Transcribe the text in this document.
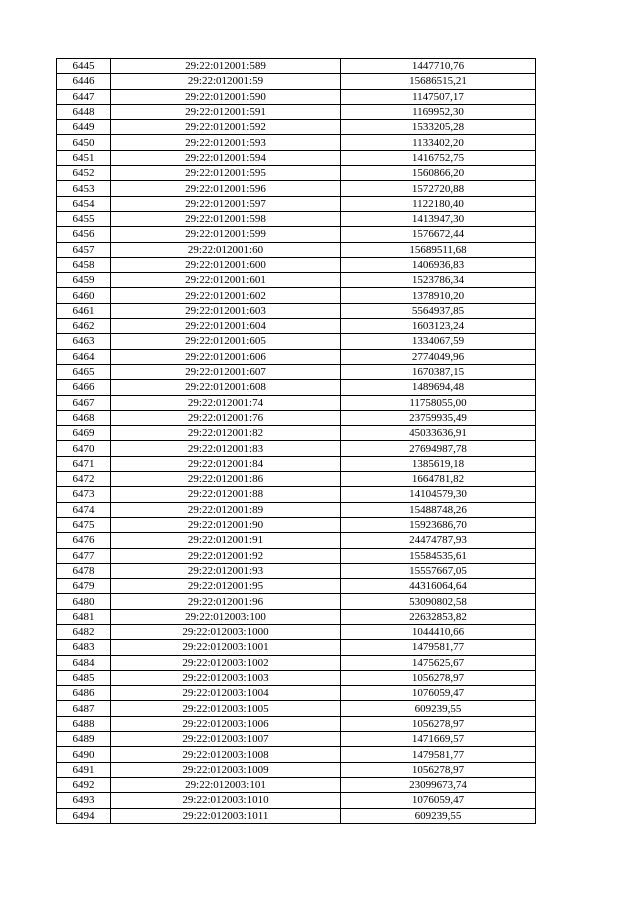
6445	29:22:012001:589	1447710,76
6446	29:22:012001:59	15686515,21
6447	29:22:012001:590	1147507,17
6448	29:22:012001:591	1169952,30
6449	29:22:012001:592	1533205,28
6450	29:22:012001:593	1133402,20
6451	29:22:012001:594	1416752,75
6452	29:22:012001:595	1560866,20
6453	29:22:012001:596	1572720,88
6454	29:22:012001:597	1122180,40
6455	29:22:012001:598	1413947,30
6456	29:22:012001:599	1576672,44
6457	29:22:012001:60	15689511,68
6458	29:22:012001:600	1406936,83
6459	29:22:012001:601	1523786,34
6460	29:22:012001:602	1378910,20
6461	29:22:012001:603	5564937,85
6462	29:22:012001:604	1603123,24
6463	29:22:012001:605	1334067,59
6464	29:22:012001:606	2774049,96
6465	29:22:012001:607	1670387,15
6466	29:22:012001:608	1489694,48
6467	29:22:012001:74	11758055,00
6468	29:22:012001:76	23759935,49
6469	29:22:012001:82	45033636,91
6470	29:22:012001:83	27694987,78
6471	29:22:012001:84	1385619,18
6472	29:22:012001:86	1664781,82
6473	29:22:012001:88	14104579,30
6474	29:22:012001:89	15488748,26
6475	29:22:012001:90	15923686,70
6476	29:22:012001:91	24474787,93
6477	29:22:012001:92	15584535,61
6478	29:22:012001:93	15557667,05
6479	29:22:012001:95	44316064,64
6480	29:22:012001:96	53090802,58
6481	29:22:012003:100	22632853,82
6482	29:22:012003:1000	1044410,66
6483	29:22:012003:1001	1479581,77
6484	29:22:012003:1002	1475625,67
6485	29:22:012003:1003	1056278,97
6486	29:22:012003:1004	1076059,47
6487	29:22:012003:1005	609239,55
6488	29:22:012003:1006	1056278,97
6489	29:22:012003:1007	1471669,57
6490	29:22:012003:1008	1479581,77
6491	29:22:012003:1009	1056278,97
6492	29:22:012003:101	23099673,74
6493	29:22:012003:1010	1076059,47
6494	29:22:012003:1011	609239,55
